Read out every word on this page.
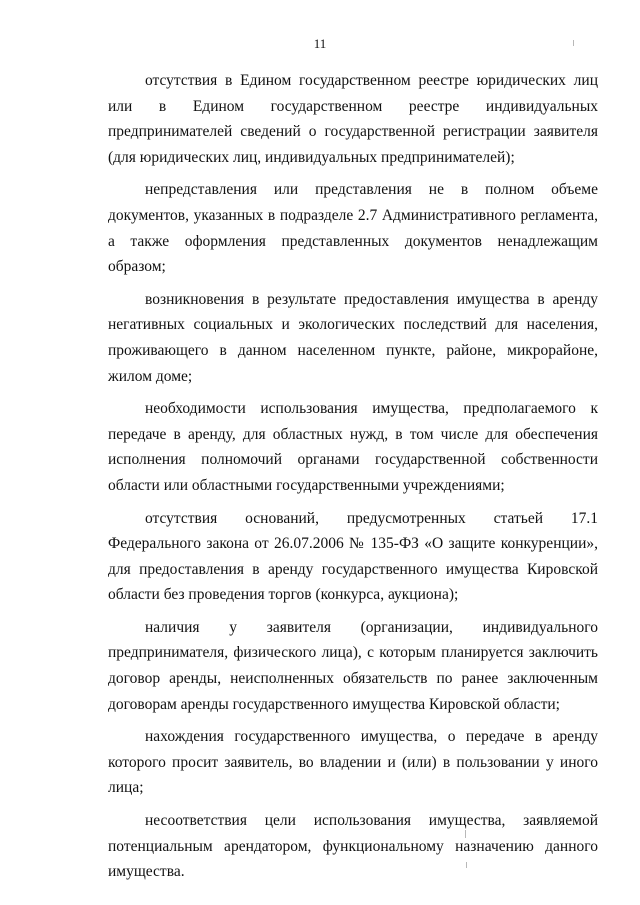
11

отсутствия в Едином государственном реестре юридических лиц или в Едином государственном реестре индивидуальных предпринимателей сведений о государственной регистрации заявителя (для юридических лиц, индивидуальных предпринимателей);

непредставления или представления не в полном объеме документов, указанных в подразделе 2.7 Административного регламента, а также оформления представленных документов ненадлежащим образом;

возникновения в результате предоставления имущества в аренду негативных социальных и экологических последствий для населения, проживающего в данном населенном пункте, районе, микрорайоне, жилом доме;

необходимости использования имущества, предполагаемого к передаче в аренду, для областных нужд, в том числе для обеспечения исполнения полномочий органами государственной собственности области или областными государственными учреждениями;

отсутствия оснований, предусмотренных статьей 17.1 Федерального закона от 26.07.2006 № 135-ФЗ «О защите конкуренции», для предоставления в аренду государственного имущества Кировской области без проведения торгов (конкурса, аукциона);

наличия у заявителя (организации, индивидуального предпринимателя, физического лица), с которым планируется заключить договор аренды, неисполненных обязательств по ранее заключенным договорам аренды государственного имущества Кировской области;

нахождения государственного имущества, о передаче в аренду которого просит заявитель, во владении и (или) в пользовании у иного лица;

несоответствия цели использования имущества, заявляемой потенциальным арендатором, функциональному назначению данного имущества.
